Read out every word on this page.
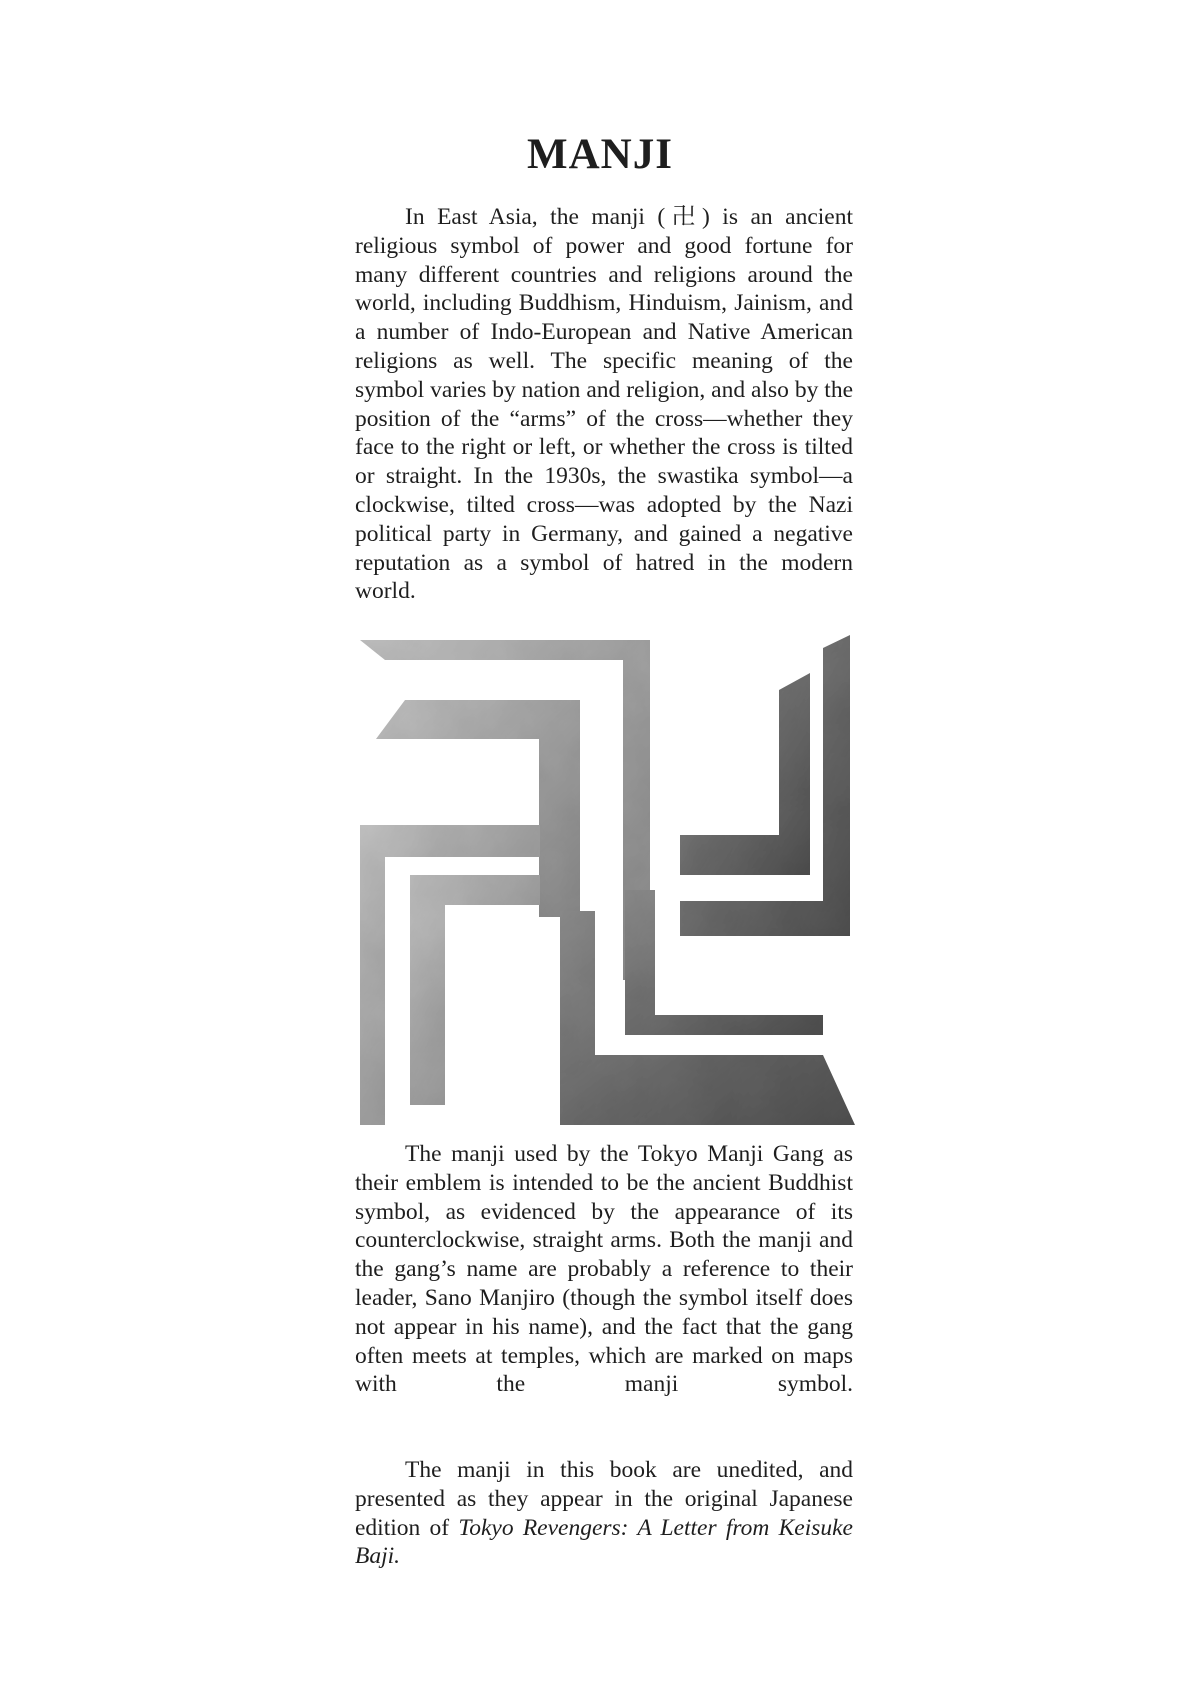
MANJI

In East Asia, the manji (卍) is an ancient religious symbol of power and good fortune for many different countries and religions around the world, including Buddhism, Hinduism, Jainism, and a number of Indo-European and Native American religions as well. The specific meaning of the symbol varies by nation and religion, and also by the position of the “arms” of the cross—whether they face to the right or left, or whether the cross is tilted or straight. In the 1930s, the swastika symbol—a clockwise, tilted cross—was adopted by the Nazi political party in Germany, and gained a negative reputation as a symbol of hatred in the modern world.

The manji used by the Tokyo Manji Gang as their emblem is intended to be the ancient Buddhist symbol, as evidenced by the appearance of its counterclockwise, straight arms. Both the manji and the gang’s name are probably a reference to their leader, Sano Manjiro (though the symbol itself does not appear in his name), and the fact that the gang often meets at temples, which are marked on maps with the manji symbol.

The manji in this book are unedited, and presented as they appear in the original Japanese edition of Tokyo Revengers: A Letter from Keisuke Baji.
